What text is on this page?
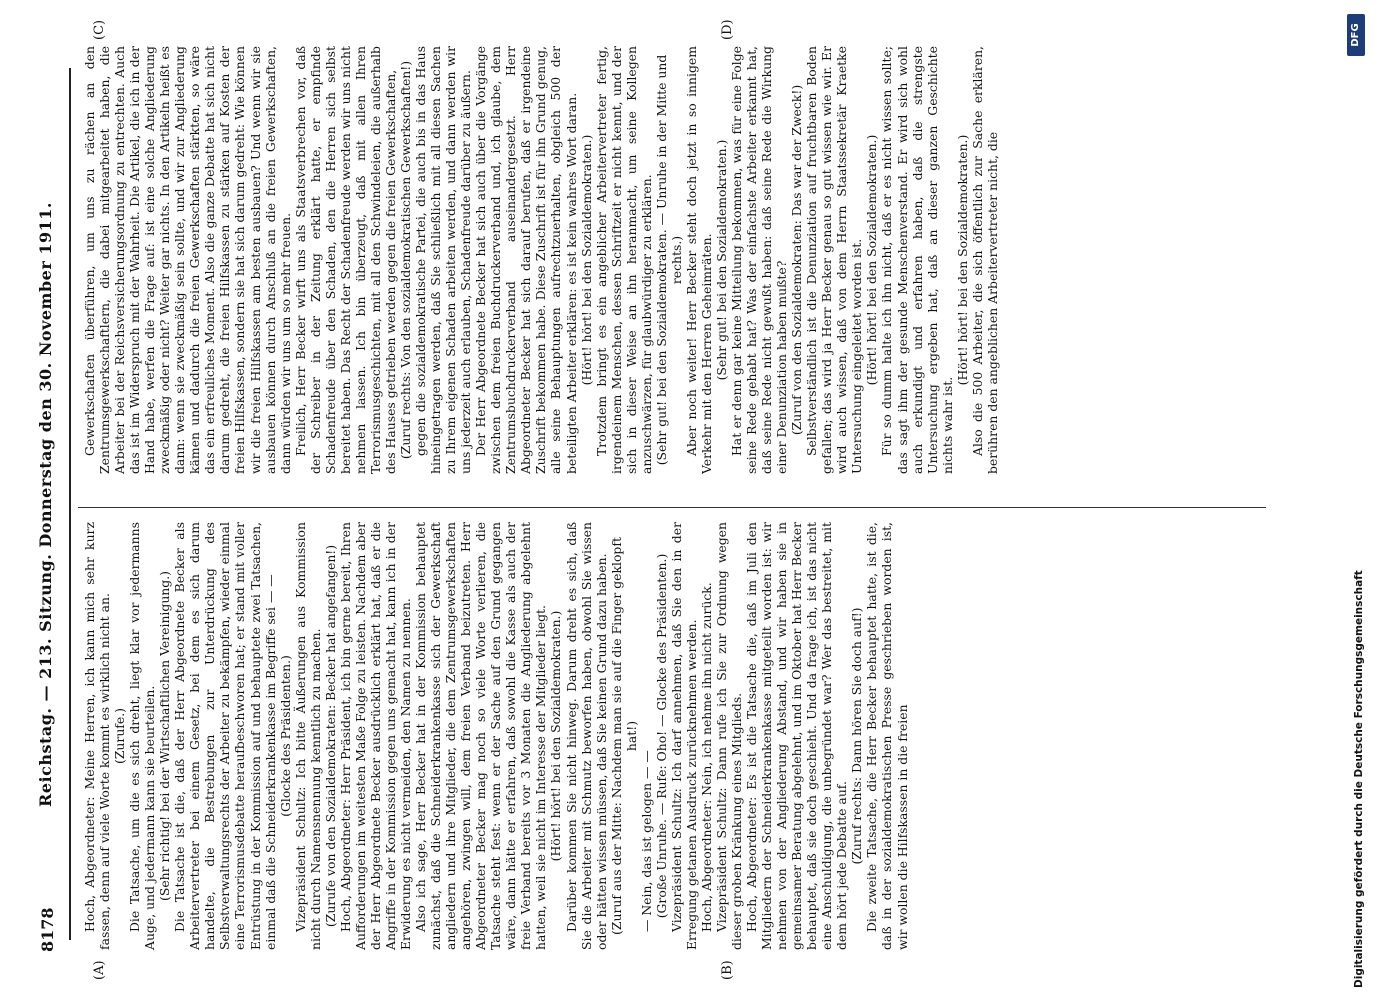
8178
Reichstag. — 213. Sitzung. Donnerstag den 30. November 1911.
(A)	(B)
(C)	(D)

Hoch, Abgeordneter: Meine Herren, ich kann mich sehr kurz fassen, denn auf viele Worte kommt es wirklich nicht an. (Zurufe.) Die Tatsache, um die es sich dreht, liegt klar vor jedermanns Auge, und jedermann kann sie beurteilen. (Sehr richtig! bei der Wirtschaftlichen Vereinigung.) Die Tatsache ist die, daß der Herr Abgeordnete Becker als Arbeitervertreter bei einem Gesetz, bei dem es sich darum handelte, die Bestrebungen zur Unterdrückung des Selbstverwaltungsrechts der Arbeiter zu bekämpfen, wieder einmal eine Terrorismusdebatte heraufbeschworen hat; er stand mit voller Entrüstung in der Kommission auf und behauptete zwei Tatsachen, einmal daß die Schneiderkrankenkasse im Begriffe sei — — (Glocke des Präsidenten.) Vizepräsident Schultz: Ich bitte Äußerungen aus Kommission nicht durch Namensnennung kenntlich zu machen. (Zurufe von den Sozialdemokraten: Becker hat angefangen!) Hoch, Abgeordneter: Herr Präsident, ich bin gerne bereit, Ihren Aufforderungen im weitesten Maße Folge zu leisten. Nachdem aber der Herr Abgeordnete Becker ausdrücklich erklärt hat, daß er die Angriffe in der Kommission gegen uns gemacht hat, kann ich in der Erwiderung es nicht vermeiden, den Namen zu nennen. Also ich sage, Herr Becker hat in der Kommission behauptet zunächst, daß die Schneiderkrankenkasse sich der Gewerkschaft angliedern und ihre Mitglieder, die dem Zentrumsgewerkschaften angehören, zwingen will, dem freien Verband beizutreten. Herr Abgeordneter Becker mag noch so viele Worte verlieren, die Tatsache steht fest: wenn er der Sache auf den Grund gegangen wäre, dann hätte er erfahren, daß sowohl die Kasse als auch der freie Verband bereits vor 3 Monaten die Angliederung abgelehnt hatten, weil sie nicht im Interesse der Mitglieder liegt. (Hört! hört! bei den Sozialdemokraten.) Darüber kommen Sie nicht hinweg. Darum dreht es sich, daß Sie die Arbeiter mit Schmutz beworfen haben, obwohl Sie wissen oder hätten wissen müssen, daß Sie keinen Grund dazu haben. (Zuruf aus der Mitte: Nachdem man sie auf die Finger geklopft hat!)

— Nein, das ist gelogen — — (Große Unruhe. — Rufe: Oho! — Glocke des Präsidenten.) Vizepräsident Schultz: Ich darf annehmen, daß Sie den in der Erregung getanen Ausdruck zurücknehmen werden. Hoch, Abgeordneter: Nein, ich nehme ihn nicht zurück. Vizepräsident Schultz: Dann rufe ich Sie zur Ordnung wegen dieser groben Kränkung eines Mitglieds. Hoch, Abgeordneter: Es ist die Tatsache die, daß im Juli den Mitgliedern der Schneiderkrankenkasse mitgeteilt worden ist: wir nehmen von der Angliederung Abstand, und wir haben sie in gemeinsamer Beratung abgelehnt, und im Oktober hat Herr Becker behauptet, daß sie doch geschieht. Und da frage ich, ist das nicht eine Anschuldigung, die unbegründet war? Wer das bestreitet, mit dem hört jede Debatte auf.

(Zuruf rechts: Dann hören Sie doch auf!) Die zweite Tatsache, die Herr Becker behauptet hatte, ist die, daß in der sozialdemokratischen Presse geschrieben worden ist, wir wollen die Hilfskassen in die freien

Gewerkschaften überführen, um uns zu rächen an den Zentrumsgewerkschaftlern, die dabei mitgearbeitet haben, die Arbeiter bei der Reichsversicherungsordnung zu entrechten. Auch das ist im Widerspruch mit der Wahrheit. Die Artikel, die ich in der Hand habe, werfen die Frage auf: ist eine solche Angliederung zweckmäßig oder nicht? Weiter gar nichts. In den Artikeln heißt es dann: wenn sie zweckmäßig sein sollte, und wir zur Angliederung kämen und dadurch die freien Gewerkschaften stärkten, so wäre das ein erfreuliches Moment. Also die ganze Debatte hat sich nicht darum gedreht, die freien Hilfskassen zu stärken auf Kosten der freien Hilfskassen, sondern sie hat sich darum gedreht: Wie können wir die freien Hilfskassen am besten ausbauen? Und wenn wir sie ausbauen können durch Anschluß an die freien Gewerkschaften, dann würden wir uns um so mehr freuen. Freilich, Herr Becker wirft uns als Staatsverbrechen vor, daß der Schreiber in der Zeitung erklärt hatte, er empfinde Schadenfreude über den Schaden, den die Herren sich selbst bereitet haben. Das Recht der Schadenfreude werden wir uns nicht nehmen lassen. Ich bin überzeugt, daß mit allen Ihren Terrorismusgeschichten, mit all den Schwindeleien, die außerhalb des Hauses getrieben werden gegen die freien Gewerkschaften, (Zuruf rechts: Von den sozialdemokratischen Gewerkschaften!) gegen die sozialdemokratische Partei, die auch bis in das Haus hineingetragen werden, daß Sie schließlich mit all diesen Sachen zu Ihrem eigenen Schaden arbeiten werden, und dann werden wir uns jederzeit auch erlauben, Schadenfreude darüber zu äußern. Der Herr Abgeordnete Becker hat sich auch über die Vorgänge zwischen dem freien Buchdruckerverband und, ich glaube, dem Zentrumsbuchdruckerverband auseinandergesetzt. Herr Abgeordneter Becker hat sich darauf berufen, daß er irgendeine Zuschrift bekommen habe. Diese Zuschrift ist für ihn Grund genug, alle seine Behauptungen aufrechtzuerhalten, obgleich 500 der beteiligten Arbeiter erklären: es ist kein wahres Wort daran. (Hört! hört! bei den Sozialdemokraten.) Trotzdem bringt es ein angeblicher Arbeitervertreter fertig, irgendeinem Menschen, dessen Schriftzeit er nicht kennt, und der sich in dieser Weise an ihn heranmacht, um seine Kollegen anzuschwärzen, für glaubwürdiger zu erklären. (Sehr gut! bei den Sozialdemokraten. — Unruhe in der Mitte und rechts.) Aber noch weiter! Herr Becker steht doch jetzt in so innigem Verkehr mit den Herren Geheimräten. (Sehr gut! bei den Sozialdemokraten.) Hat er denn gar keine Mitteilung bekommen, was für eine Folge seine Rede gehabt hat? Was der einfachste Arbeiter erkannt hat, daß seine Rede nicht gewußt haben: daß seine Rede die Wirkung einer Denunziation haben mußte? (Zuruf von den Sozialdemokraten: Das war der Zweck!) Selbstverständlich ist die Denunziation auf fruchtbaren Boden gefallen; das wird ja Herr Becker genau so gut wissen wie wir. Er wird auch wissen, daß von dem Herrn Staatssekretär Kraetke Untersuchung eingeleitet worden ist. (Hört! hört! bei den Sozialdemokraten.) Für so dumm halte ich ihn nicht, daß er es nicht wissen sollte; das sagt ihm der gesunde Menschenverstand. Er wird sich wohl auch erkundigt und erfahren haben, daß die strengste Untersuchung ergeben hat, daß an dieser ganzen Geschichte nichts wahr ist.

(Hört! hört! bei den Sozialdemokraten.) Also die 500 Arbeiter, die sich öffentlich zur Sache erklären, berühren den angeblichen Arbeitervertreter nicht, die

Digitalisierung gefördert durch die Deutsche Forschungsgemeinschaft
DFG
